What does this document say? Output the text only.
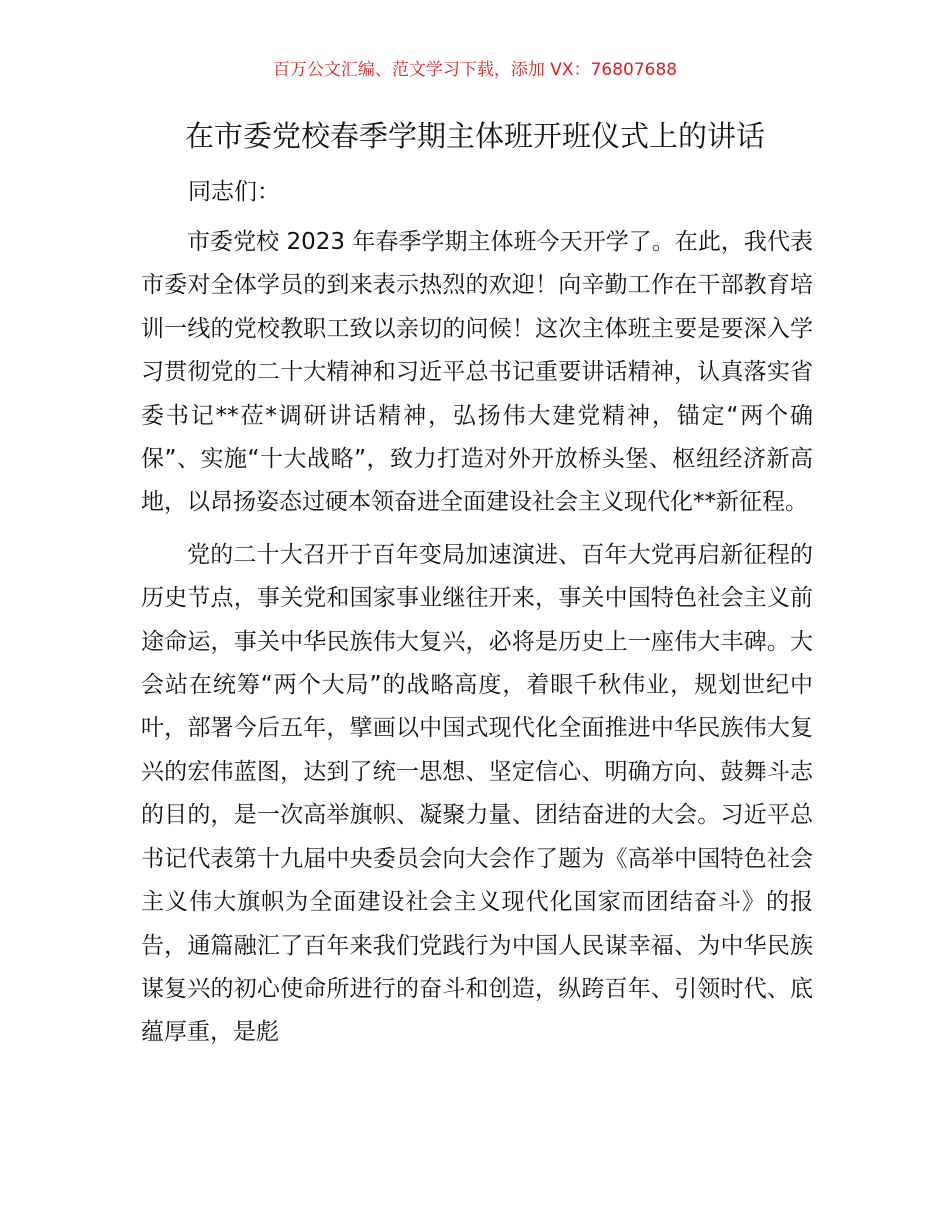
百万公文汇编、范文学习下载，添加 VX：76807688
在市委党校春季学期主体班开班仪式上的讲话
同志们：

市委党校 2023 年春季学期主体班今天开学了。在此，我代表市委对全体学员的到来表示热烈的欢迎！向辛勤工作在干部教育培训一线的党校教职工致以亲切的问候！这次主体班主要是要深入学习贯彻党的二十大精神和习近平总书记重要讲话精神，认真落实省委书记**莅*调研讲话精神，弘扬伟大建党精神，锚定“两个确保”、实施“十大战略”，致力打造对外开放桥头堡、枢纽经济新高地，以昂扬姿态过硬本领奋进全面建设社会主义现代化**新征程。

党的二十大召开于百年变局加速演进、百年大党再启新征程的历史节点，事关党和国家事业继往开来，事关中国特色社会主义前途命运，事关中华民族伟大复兴，必将是历史上一座伟大丰碑。大会站在统筹“两个大局”的战略高度，着眼千秋伟业，规划世纪中叶，部署今后五年，擘画以中国式现代化全面推进中华民族伟大复兴的宏伟蓝图，达到了统一思想、坚定信心、明确方向、鼓舞斗志的目的，是一次高举旗帜、凝聚力量、团结奋进的大会。习近平总书记代表第十九届中央委员会向大会作了题为《高举中国特色社会主义伟大旗帜为全面建设社会主义现代化国家而团结奋斗》的报告，通篇融汇了百年来我们党践行为中国人民谋幸福、为中华民族谋复兴的初心使命所进行的奋斗和创造，纵跨百年、引领时代、底蕴厚重，是彪
